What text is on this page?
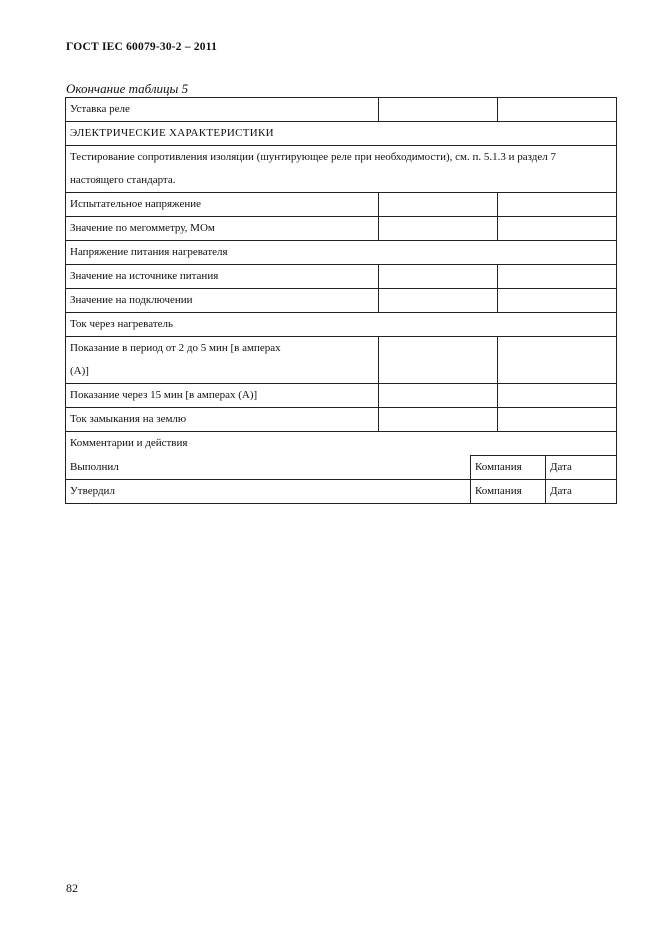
ГОСТ IEC 60079-30-2 – 2011
Окончание таблицы 5
Уставка реле				
ЭЛЕКТРИЧЕСКИЕ ХАРАКТЕРИСТИКИ				
Тестирование сопротивления изоляции (шунтирующее реле при необходимости), см. п. 5.1.3 и раздел 7 настоящего стандарта.				
Испытательное напряжение				
Значение по мегомметру, МОм				
Напряжение питания нагревателя				
Значение на источнике питания				
Значение на подключении				
Ток через нагреватель				
Показание в период от 2 до 5 мин [в амперах (А)]				
Показание через 15 мин [в амперах (А)]				
Ток замыкания на землю				
Комментарии и действия				
Выполнил		Компания		Дата
Утвердил		Компания		Дата
82
